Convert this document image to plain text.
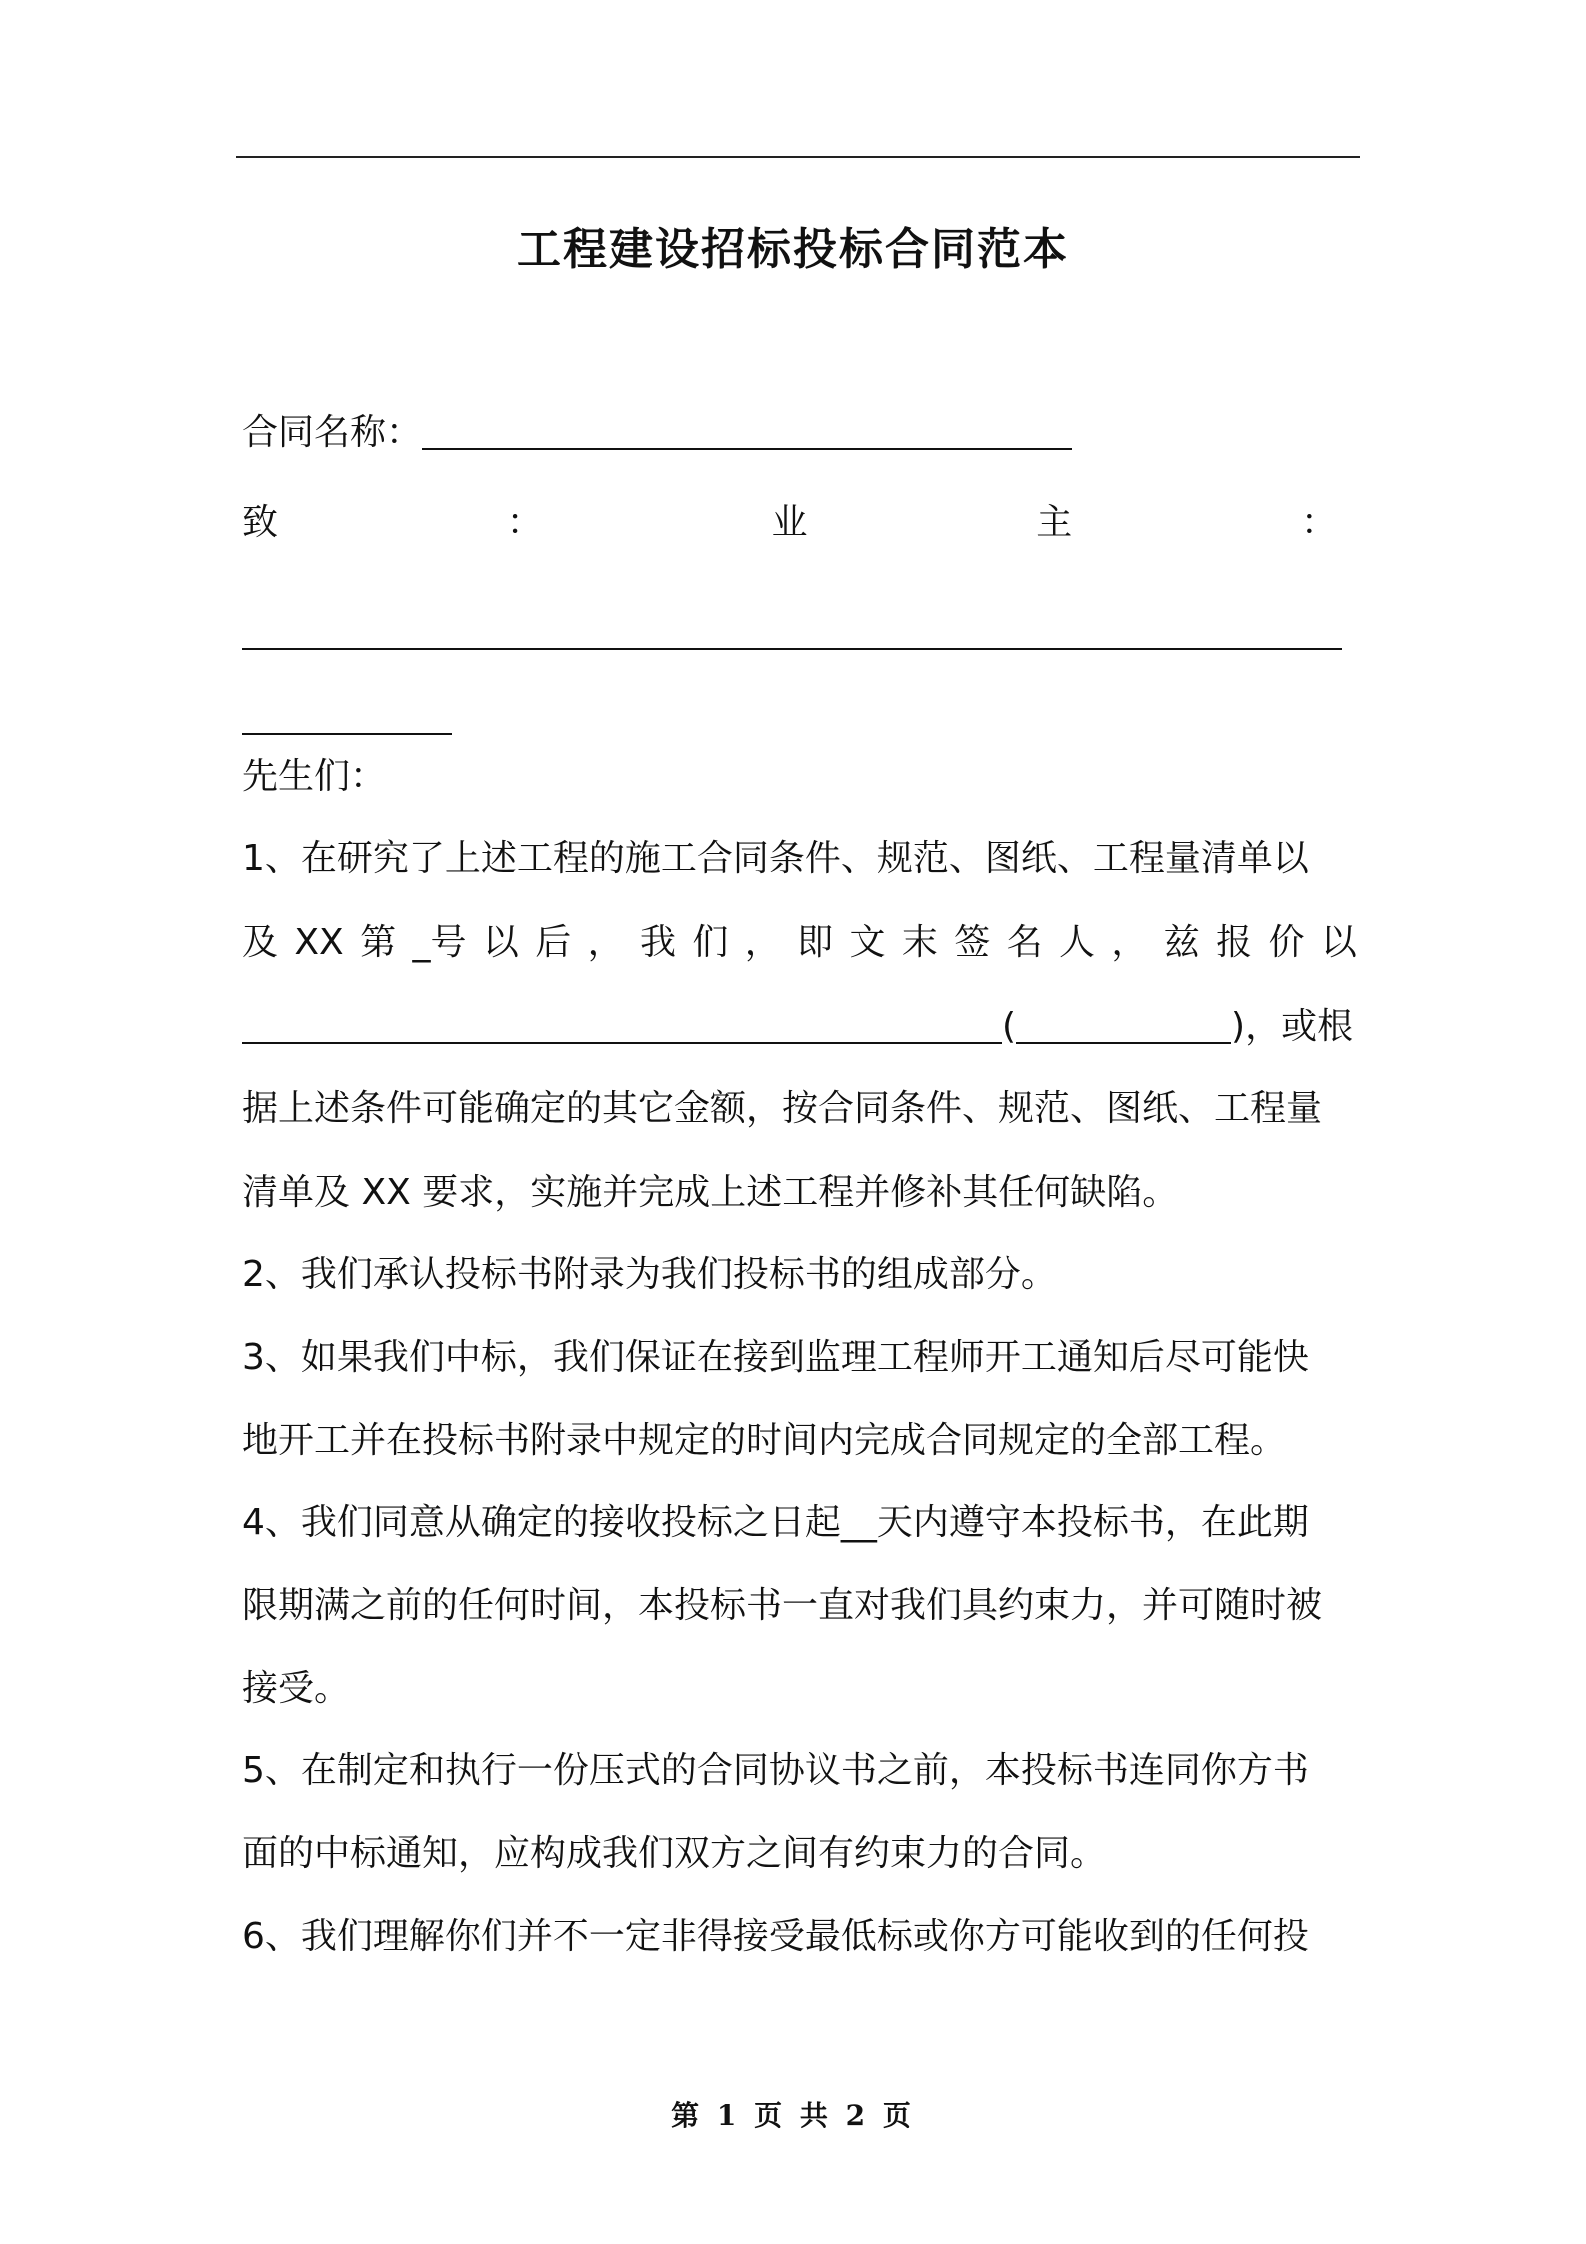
工程建设招标投标合同范本
合同名称：
致	：	业	主	：
先生们：
1、在研究了上述工程的施工合同条件、规范、图纸、工程量清单以
及 XX 第 _号 以 后 ， 我 们 ， 即 文 末 签 名 人 ， 兹 报 价 以
(	)，或根
据上述条件可能确定的其它金额，按合同条件、规范、图纸、工程量
清单及 XX 要求，实施并完成上述工程并修补其任何缺陷。
2、我们承认投标书附录为我们投标书的组成部分。
3、如果我们中标，我们保证在接到监理工程师开工通知后尽可能快
地开工并在投标书附录中规定的时间内完成合同规定的全部工程。
4、我们同意从确定的接收投标之日起__天内遵守本投标书，在此期
限期满之前的任何时间，本投标书一直对我们具约束力，并可随时被
接受。
5、在制定和执行一份压式的合同协议书之前，本投标书连同你方书
面的中标通知，应构成我们双方之间有约束力的合同。
6、我们理解你们并不一定非得接受最低标或你方可能收到的任何投
第 1 页 共 2 页
